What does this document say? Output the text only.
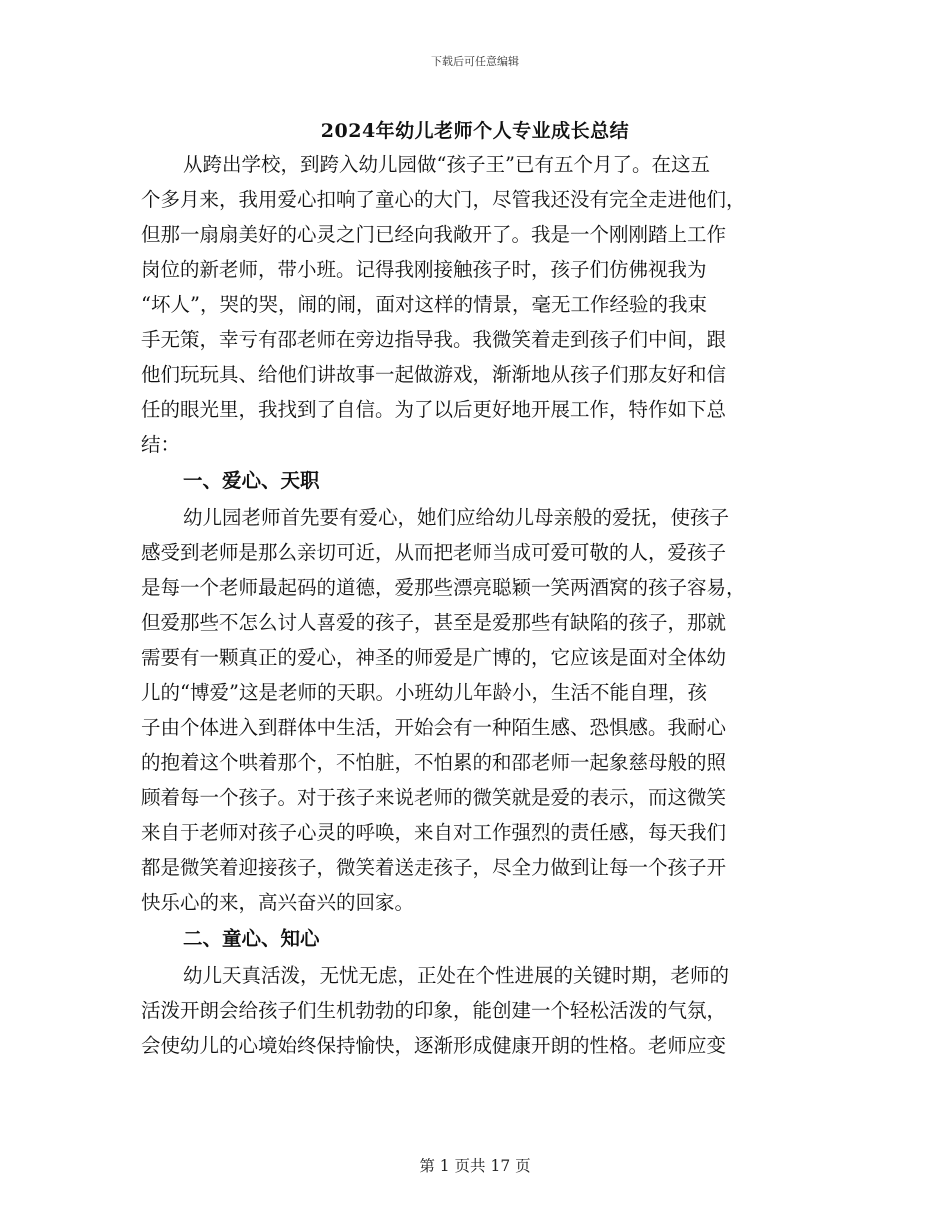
下载后可任意编辑
2024年幼儿老师个人专业成长总结
从跨出学校，到跨入幼儿园做“孩子王”已有五个月了。在这五
个多月来，我用爱心扣响了童心的大门，尽管我还没有完全走进他们，
但那一扇扇美好的心灵之门已经向我敞开了。我是一个刚刚踏上工作
岗位的新老师，带小班。记得我刚接触孩子时，孩子们仿佛视我为
“坏人”，哭的哭，闹的闹，面对这样的情景，毫无工作经验的我束
手无策，幸亏有邵老师在旁边指导我。我微笑着走到孩子们中间，跟
他们玩玩具、给他们讲故事一起做游戏，渐渐地从孩子们那友好和信
任的眼光里，我找到了自信。为了以后更好地开展工作，特作如下总
结：
一、爱心、天职
幼儿园老师首先要有爱心，她们应给幼儿母亲般的爱抚，使孩子
感受到老师是那么亲切可近，从而把老师当成可爱可敬的人，爱孩子
是每一个老师最起码的道德，爱那些漂亮聪颖一笑两酒窝的孩子容易，
但爱那些不怎么讨人喜爱的孩子，甚至是爱那些有缺陷的孩子，那就
需要有一颗真正的爱心，神圣的师爱是广博的，它应该是面对全体幼
儿的“博爱”这是老师的天职。小班幼儿年龄小，生活不能自理，孩
子由个体进入到群体中生活，开始会有一种陌生感、恐惧感。我耐心
的抱着这个哄着那个，不怕脏，不怕累的和邵老师一起象慈母般的照
顾着每一个孩子。对于孩子来说老师的微笑就是爱的表示，而这微笑
来自于老师对孩子心灵的呼唤，来自对工作强烈的责任感，每天我们
都是微笑着迎接孩子，微笑着送走孩子，尽全力做到让每一个孩子开
快乐心的来，高兴奋兴的回家。
二、童心、知心
幼儿天真活泼，无忧无虑，正处在个性进展的关键时期，老师的
活泼开朗会给孩子们生机勃勃的印象，能创建一个轻松活泼的气氛，
会使幼儿的心境始终保持愉快，逐渐形成健康开朗的性格。老师应变
第 1 页共 17 页
